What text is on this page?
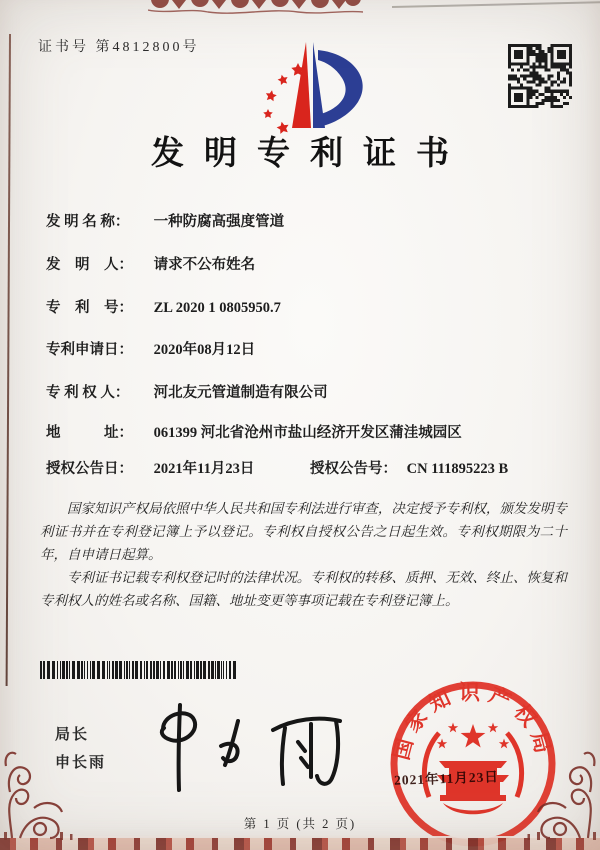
证书号 第4812800号
发明专利证书
发 明 名 称： 一种防腐高强度管道
发　明　人： 请求不公布姓名
专　利　号： ZL 2020 1 0805950.7
专利申请日： 2020年08月12日
专 利 权 人： 河北友元管道制造有限公司
地　　　址： 061399 河北省沧州市盐山经济开发区蒲洼城园区
授权公告日： 2021年11月23日	授权公告号： CN 111895223 B

国家知识产权局依照中华人民共和国专利法进行审查，决定授予专利权，颁发发明专利证书并在专利登记簿上予以登记。专利权自授权公告之日起生效。专利权期限为二十年，自申请日起算。

专利证书记载专利权登记时的法律状况。专利权的转移、质押、无效、终止、恢复和专利权人的姓名或名称、国籍、地址变更等事项记载在专利登记簿上。

局长
申长雨
国家知识产权局
2021年11月23日
第 1 页 (共 2 页)
